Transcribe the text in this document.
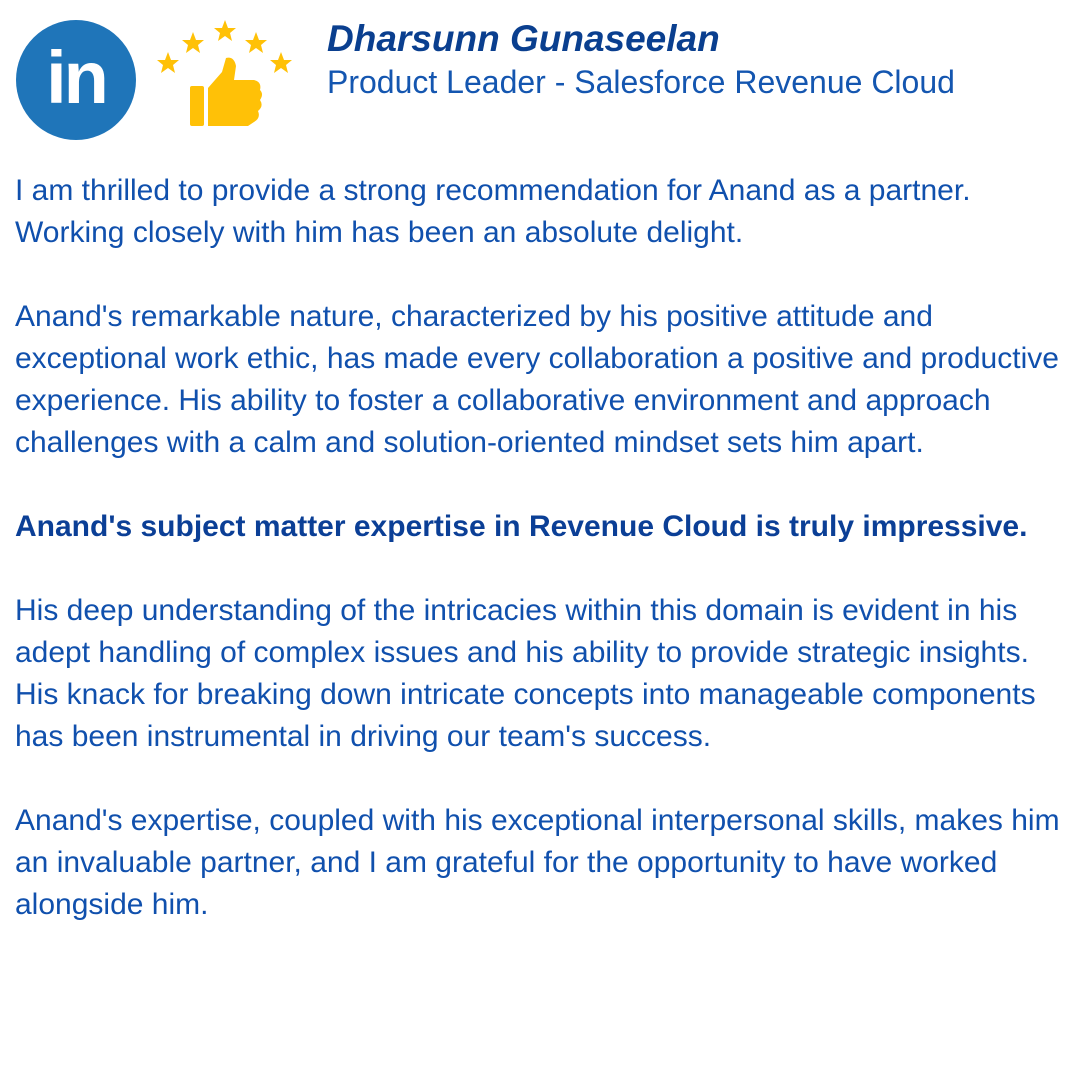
in	Dharsunn Gunaseelan
Product Leader - Salesforce Revenue Cloud

I am thrilled to provide a strong recommendation for Anand as a partner. Working closely with him has been an absolute delight.

Anand's remarkable nature, characterized by his positive attitude and exceptional work ethic, has made every collaboration a positive and productive experience. His ability to foster a collaborative environment and approach challenges with a calm and solution-oriented mindset sets him apart.

Anand's subject matter expertise in Revenue Cloud is truly impressive.

His deep understanding of the intricacies within this domain is evident in his adept handling of complex issues and his ability to provide strategic insights. His knack for breaking down intricate concepts into manageable components has been instrumental in driving our team's success.

Anand's expertise, coupled with his exceptional interpersonal skills, makes him an invaluable partner, and I am grateful for the opportunity to have worked alongside him.
